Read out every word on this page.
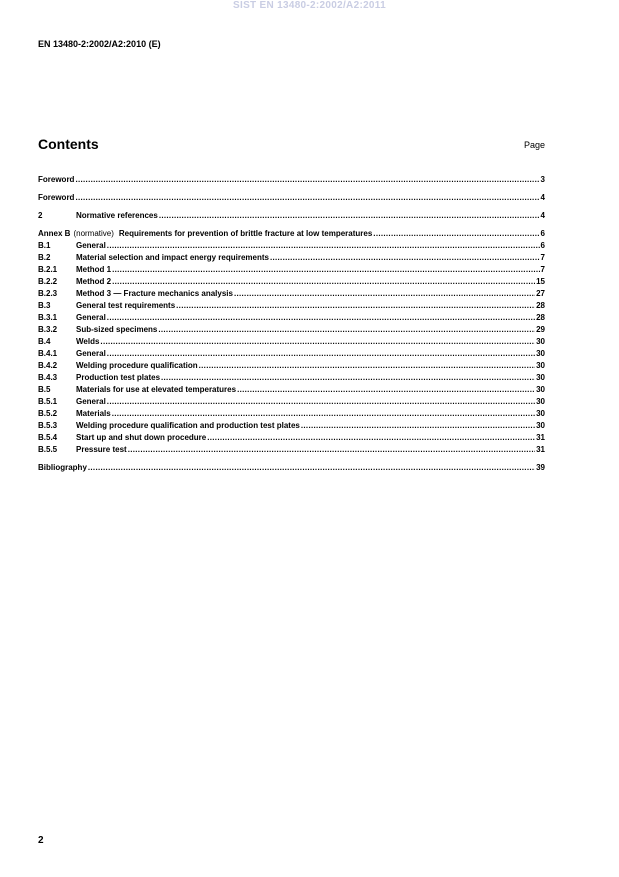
SIST EN 13480-2:2002/A2:2011
EN 13480-2:2002/A2:2010 (E)
Contents	Page
Foreword .....	3
Foreword .....	4
2	Normative references .....	4
Annex B (normative) Requirements for prevention of brittle fracture at low temperatures .....	6
B.1	General .....	6
B.2	Material selection and impact energy requirements .....	7
B.2.1	Method 1 .....	7
B.2.2	Method 2 .....	15
B.2.3	Method 3 — Fracture mechanics analysis .....	27
B.3	General test requirements .....	28
B.3.1	General .....	28
B.3.2	Sub-sized specimens .....	29
B.4	Welds .....	30
B.4.1	General .....	30
B.4.2	Welding procedure qualification .....	30
B.4.3	Production test plates .....	30
B.5	Materials for use at elevated temperatures .....	30
B.5.1	General .....	30
B.5.2	Materials .....	30
B.5.3	Welding procedure qualification and production test plates .....	30
B.5.4	Start up and shut down procedure .....	31
B.5.5	Pressure test .....	31
Bibliography .....	39
2
